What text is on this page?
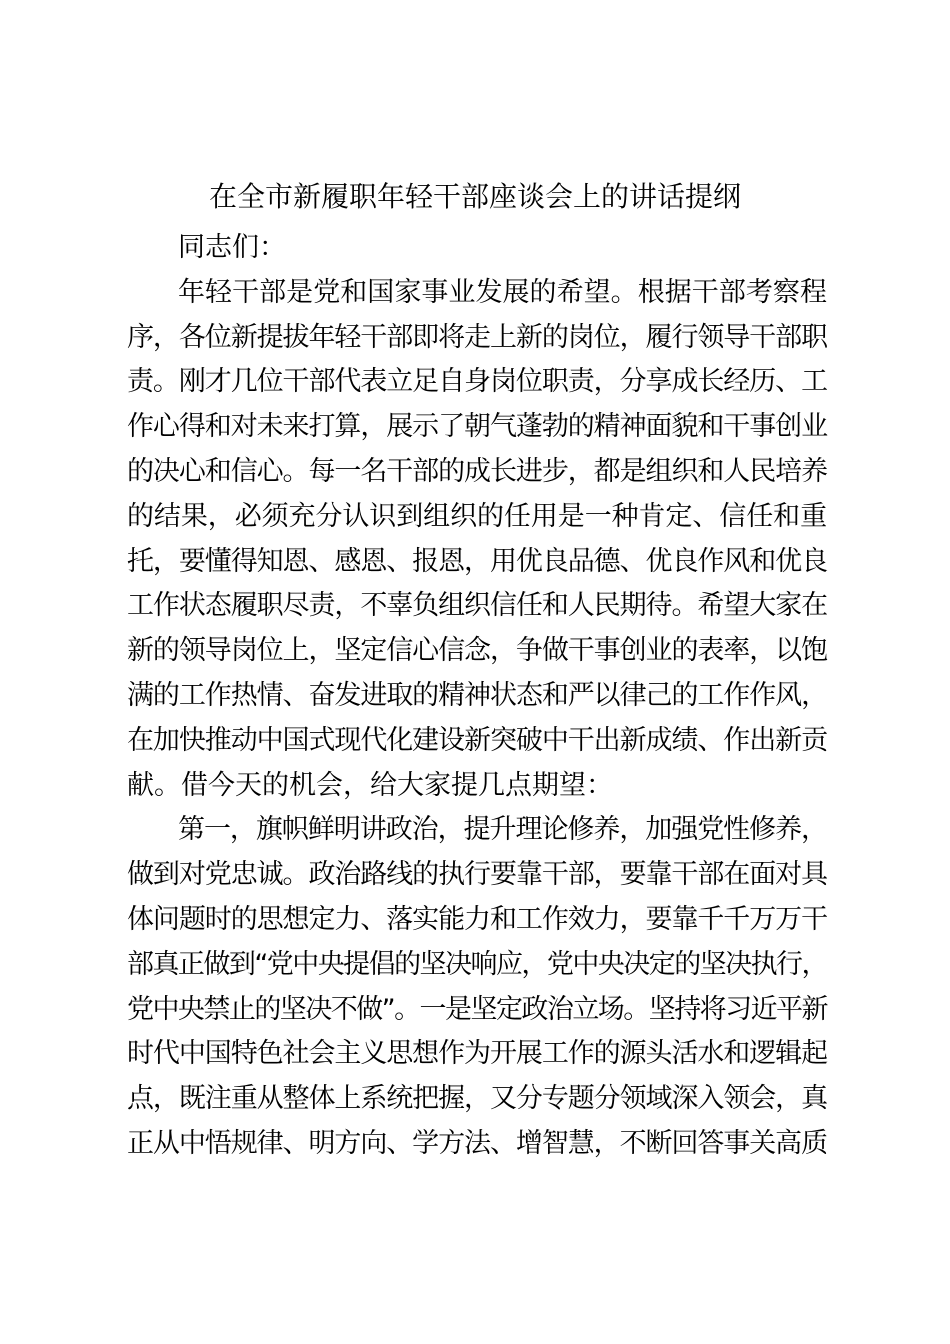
在全市新履职年轻干部座谈会上的讲话提纲
同志们：
年轻干部是党和国家事业发展的希望。根据干部考察程
序，各位新提拔年轻干部即将走上新的岗位，履行领导干部职
责。刚才几位干部代表立足自身岗位职责，分享成长经历、工
作心得和对未来打算，展示了朝气蓬勃的精神面貌和干事创业
的决心和信心。每一名干部的成长进步，都是组织和人民培养
的结果，必须充分认识到组织的任用是一种肯定、信任和重
托，要懂得知恩、感恩、报恩，用优良品德、优良作风和优良
工作状态履职尽责，不辜负组织信任和人民期待。希望大家在
新的领导岗位上，坚定信心信念，争做干事创业的表率，以饱
满的工作热情、奋发进取的精神状态和严以律己的工作作风，
在加快推动中国式现代化建设新突破中干出新成绩、作出新贡
献。借今天的机会，给大家提几点期望：
第一，旗帜鲜明讲政治，提升理论修养，加强党性修养，
做到对党忠诚。政治路线的执行要靠干部，要靠干部在面对具
体问题时的思想定力、落实能力和工作效力，要靠千千万万干
部真正做到“党中央提倡的坚决响应，党中央决定的坚决执行，
党中央禁止的坚决不做”。一是坚定政治立场。坚持将习近平新
时代中国特色社会主义思想作为开展工作的源头活水和逻辑起
点，既注重从整体上系统把握，又分专题分领域深入领会，真
正从中悟规律、明方向、学方法、增智慧，不断回答事关高质
